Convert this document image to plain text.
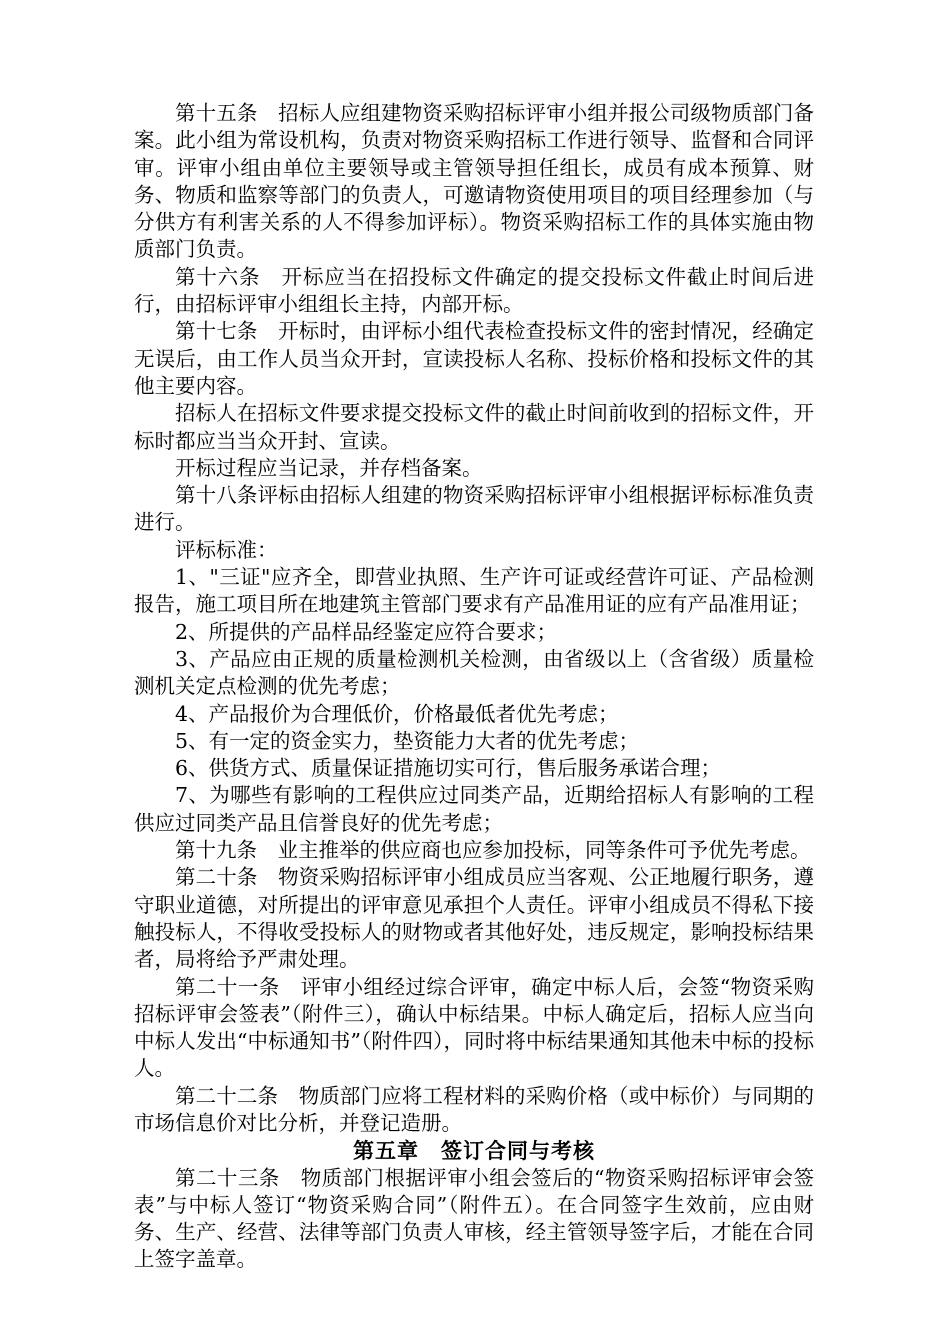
第十五条　招标人应组建物资采购招标评审小组并报公司级物质部门备案。此小组为常设机构，负责对物资采购招标工作进行领导、监督和合同评审。评审小组由单位主要领导或主管领导担任组长，成员有成本预算、财务、物质和监察等部门的负责人，可邀请物资使用项目的项目经理参加（与分供方有利害关系的人不得参加评标）。物资采购招标工作的具体实施由物质部门负责。

第十六条　开标应当在招投标文件确定的提交投标文件截止时间后进行，由招标评审小组组长主持，内部开标。

第十七条　开标时，由评标小组代表检查投标文件的密封情况，经确定无误后，由工作人员当众开封，宣读投标人名称、投标价格和投标文件的其他主要内容。

招标人在招标文件要求提交投标文件的截止时间前收到的招标文件，开标时都应当当众开封、宣读。

开标过程应当记录，并存档备案。

第十八条评标由招标人组建的物资采购招标评审小组根据评标标准负责进行。

评标标准：

1、"三证"应齐全，即营业执照、生产许可证或经营许可证、产品检测报告，施工项目所在地建筑主管部门要求有产品准用证的应有产品准用证；

2、所提供的产品样品经鉴定应符合要求；

3、产品应由正规的质量检测机关检测，由省级以上（含省级）质量检测机关定点检测的优先考虑；

4、产品报价为合理低价，价格最低者优先考虑；

5、有一定的资金实力，垫资能力大者的优先考虑；

6、供货方式、质量保证措施切实可行，售后服务承诺合理；

7、为哪些有影响的工程供应过同类产品，近期给招标人有影响的工程供应过同类产品且信誉良好的优先考虑；

第十九条　业主推举的供应商也应参加投标，同等条件可予优先考虑。

第二十条　物资采购招标评审小组成员应当客观、公正地履行职务，遵守职业道德，对所提出的评审意见承担个人责任。评审小组成员不得私下接触投标人，不得收受投标人的财物或者其他好处，违反规定，影响投标结果者，局将给予严肃处理。

第二十一条　评审小组经过综合评审，确定中标人后，会签“物资采购招标评审会签表”（附件三），确认中标结果。中标人确定后，招标人应当向中标人发出“中标通知书”（附件四），同时将中标结果通知其他未中标的投标人。

第二十二条　物质部门应将工程材料的采购价格（或中标价）与同期的市场信息价对比分析，并登记造册。

第五章　签订合同与考核

第二十三条　物质部门根据评审小组会签后的“物资采购招标评审会签表”与中标人签订“物资采购合同”（附件五）。在合同签字生效前，应由财务、生产、经营、法律等部门负责人审核，经主管领导签字后，才能在合同上签字盖章。
